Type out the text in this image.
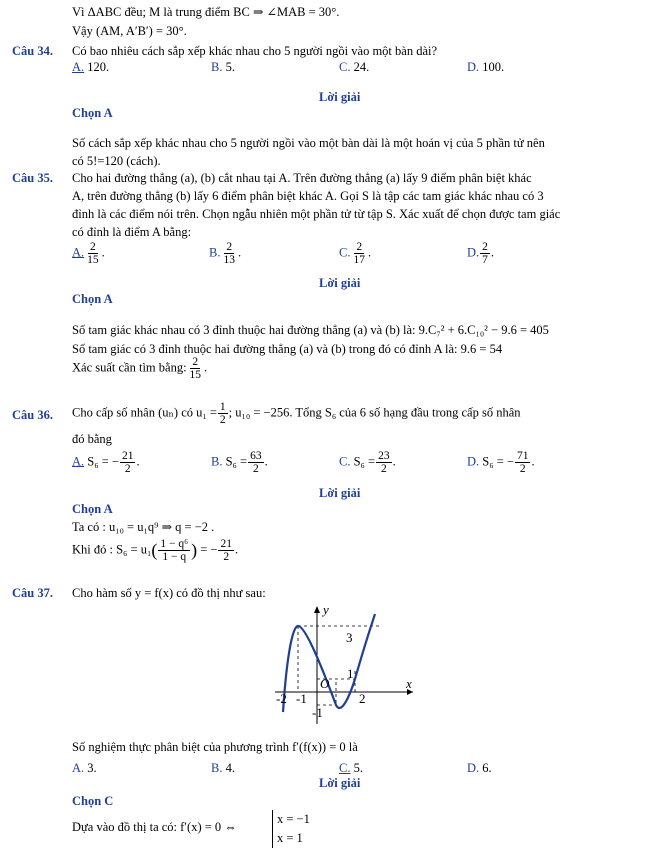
Vì ΔABC đều; M là trung điểm BC ⇒ ∠MAB = 30°.
Vậy (AM, A′B′) = 30°.
Câu 34. Có bao nhiêu cách sắp xếp khác nhau cho 5 người ngồi vào một bàn dài?
A. 120.	B. 5.	C. 24.	D. 100.
Lời giải
Chọn A
Số cách sắp xếp khác nhau cho 5 người ngồi vào một bàn dài là một hoán vị của 5 phần tử nên
có 5!=120 (cách).
Câu 35. Cho hai đường thẳng (a), (b) cắt nhau tại A. Trên đường thẳng (a) lấy 9 điểm phân biệt khác
A, trên đường thẳng (b) lấy 6 điểm phân biệt khác A. Gọi S là tập các tam giác khác nhau có 3
đỉnh là các điểm nói trên. Chọn ngẫu nhiên một phần tử từ tập S. Xác xuất để chọn được tam giác
có đỉnh là điểm A bằng:
A. $\frac{2}{15}$ .	B. $\frac{2}{13}$ .	C. $\frac{2}{17}$ .	D. $\frac{2}{7}$ .
Lời giải
Chọn A
Số tam giác khác nhau có 3 đỉnh thuộc hai đường thẳng (a) và (b) là: 9.C₇² + 6.C₁₀² − 9.6 = 405
Số tam giác có 3 đỉnh thuộc hai đường thẳng (a) và (b) trong đó có đỉnh A là: 9.6 = 54
Xác suất cần tìm bằng: $\frac{2}{15}$ .
Câu 36. Cho cấp số nhân (uₙ) có $u_1 = \frac{1}{2}$ ; u₁₀ = −256. Tổng S₆ của 6 số hạng đầu trong cấp số nhân
đó bằng
A. S₆ = − $\frac{21}{2}$ .	B. $S_6 = \frac{63}{2}$ .	C. $S_6 = \frac{23}{2}$ .	D. S₆ = − $\frac{71}{2}$ .
Lời giải
Chọn A
Ta có : u₁₀ = u₁q⁹ ⇒ q = −2 .
Khi đó : $S_6 = u_1( \frac{\text{1 − q⁶}}{1 - q}$ ) = − $\frac{21}{2}$ .
Câu 37. Cho hàm số y = f(x) có đồ thị như sau:
y
x
O
3
1
-2 -1	2
-1
Số nghiệm thực phân biệt của phương trình f′(f(x)) = 0 là
A. 3.	B. 4.	C. 5.	D. 6.
Lời giải
Chọn C
Dựa vào đồ thị ta có: f′(x) = 0 ⇔
x = −1
x = 1
